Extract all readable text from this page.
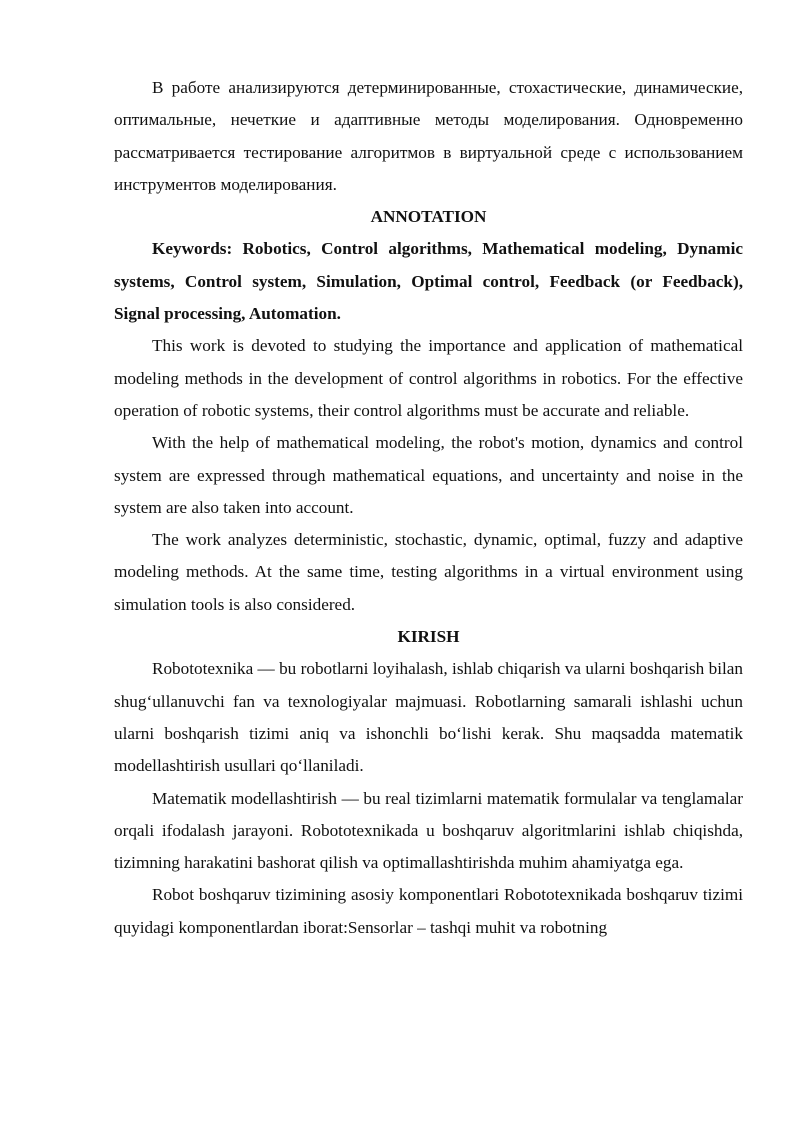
В работе анализируются детерминированные, стохастические, динамические, оптимальные, нечеткие и адаптивные методы моделирования. Одновременно рассматривается тестирование алгоритмов в виртуальной среде с использованием инструментов моделирования.

ANNOTATION

Keywords: Robotics, Control algorithms, Mathematical modeling, Dynamic systems, Control system, Simulation, Optimal control, Feedback (or Feedback), Signal processing, Automation.

This work is devoted to studying the importance and application of mathematical modeling methods in the development of control algorithms in robotics. For the effective operation of robotic systems, their control algorithms must be accurate and reliable.

With the help of mathematical modeling, the robot's motion, dynamics and control system are expressed through mathematical equations, and uncertainty and noise in the system are also taken into account.

The work analyzes deterministic, stochastic, dynamic, optimal, fuzzy and adaptive modeling methods. At the same time, testing algorithms in a virtual environment using simulation tools is also considered.

KIRISH

Robototexnika — bu robotlarni loyihalash, ishlab chiqarish va ularni boshqarish bilan shug‘ullanuvchi fan va texnologiyalar majmuasi. Robotlarning samarali ishlashi uchun ularni boshqarish tizimi aniq va ishonchli bo‘lishi kerak. Shu maqsadda matematik modellashtirish usullari qo‘llaniladi.

Matematik modellashtirish — bu real tizimlarni matematik formulalar va tenglamalar orqali ifodalash jarayoni. Robototexnikada u boshqaruv algoritmlarini ishlab chiqishda, tizimning harakatini bashorat qilish va optimallashtirishda muhim ahamiyatga ega.

Robot boshqaruv tizimining asosiy komponentlari Robototexnikada boshqaruv tizimi quyidagi komponentlardan iborat:Sensorlar – tashqi muhit va robotning
